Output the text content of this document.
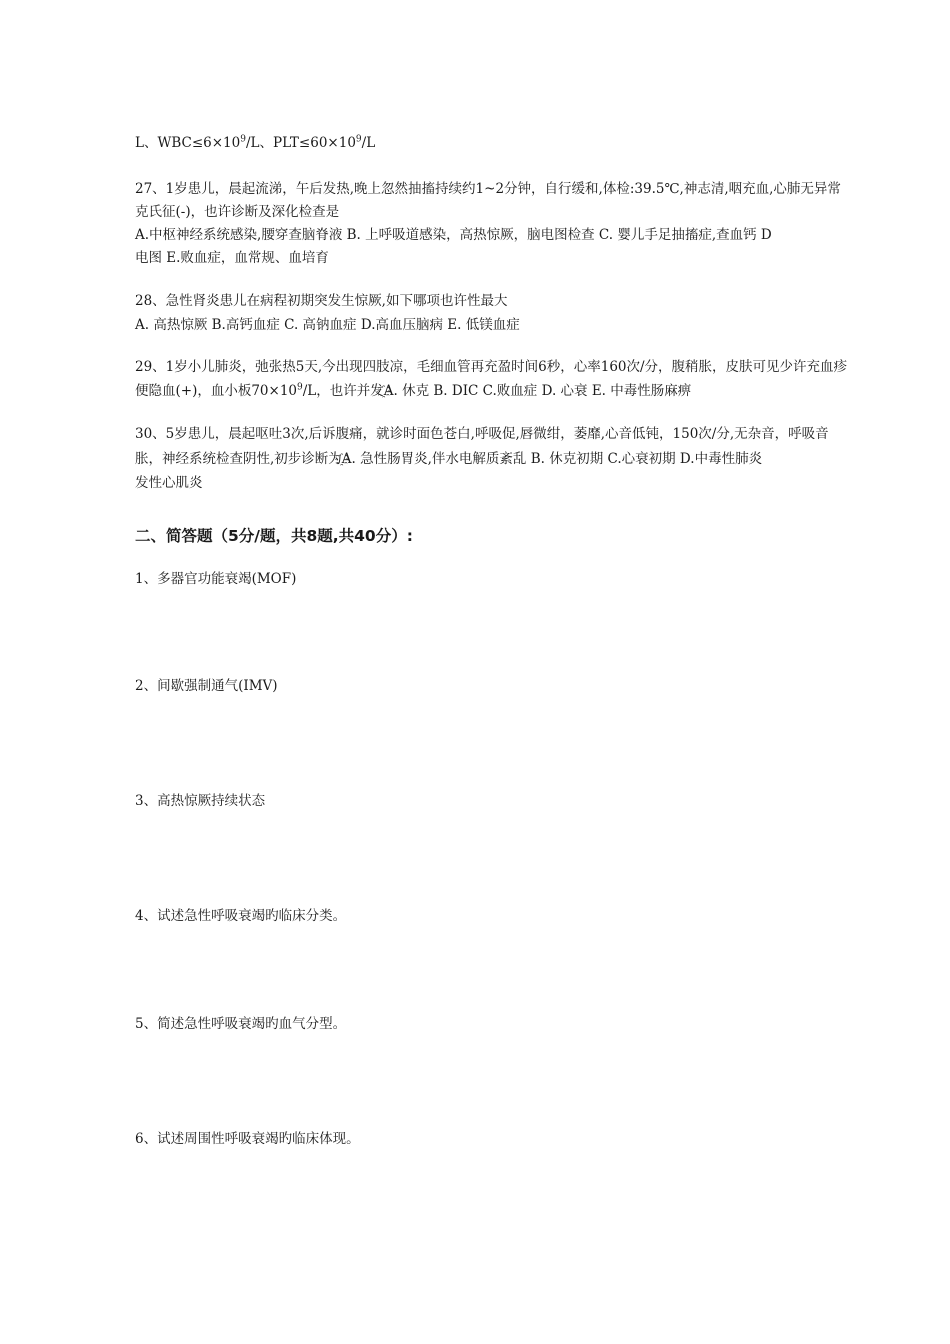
L、$WBC\le 6\times 10^9/L$、$PLT\le 60\times 10^9/L$
27、1岁患儿，晨起流涕，午后发热,晚上忽然抽搐持续约1~2分钟，自行缓和,体检:39.5℃,神志清,咽充血,心肺无异常
克氏征(-)，也许诊断及深化检查是
A.中枢神经系统感染,腰穿查脑脊液 B. 上呼吸道感染，高热惊厥，脑电图检查 C. 婴儿手足抽搐症,查血钙 D
电图 E.败血症，血常规、血培育
28、急性肾炎患儿在病程初期突发生惊厥,如下哪项也许性最大
A. 高热惊厥 B.高钙血症 C. 高钠血症 D.高血压脑病 E. 低镁血症
29、1岁小儿肺炎，弛张热5天,今出现四肢凉，毛细血管再充盈时间6秒，心率160次/分，腹稍胀，皮肤可见少许充血疹
便隐血(+)，血小板$70\times 10^9/L$，也许并发҈A. 休克 B. DIC C.败血症 D. 心衰 E. 中毒性肠麻痹
30、5岁患儿，晨起呕吐3次,后诉腹痛，就诊时面色苍白,呼吸促,唇微绀，萎靡,心音低钝，150次/分,无杂音，呼吸音
胀，神经系统检查阴性,初步诊断为҈A. 急性肠胃炎,伴水电解质紊乱 B. 休克初期 C.心衰初期 D.中毒性肺炎
发性心肌炎
二、简答题（5分/题，共8题,共40分）:
1、多器官功能衰竭(MOF)
2、间歇强制通气(IMV)
3、高热惊厥持续状态
4、试述急性呼吸衰竭旳临床分类。
5、简述急性呼吸衰竭旳血气分型。
6、试述周围性呼吸衰竭旳临床体现。
